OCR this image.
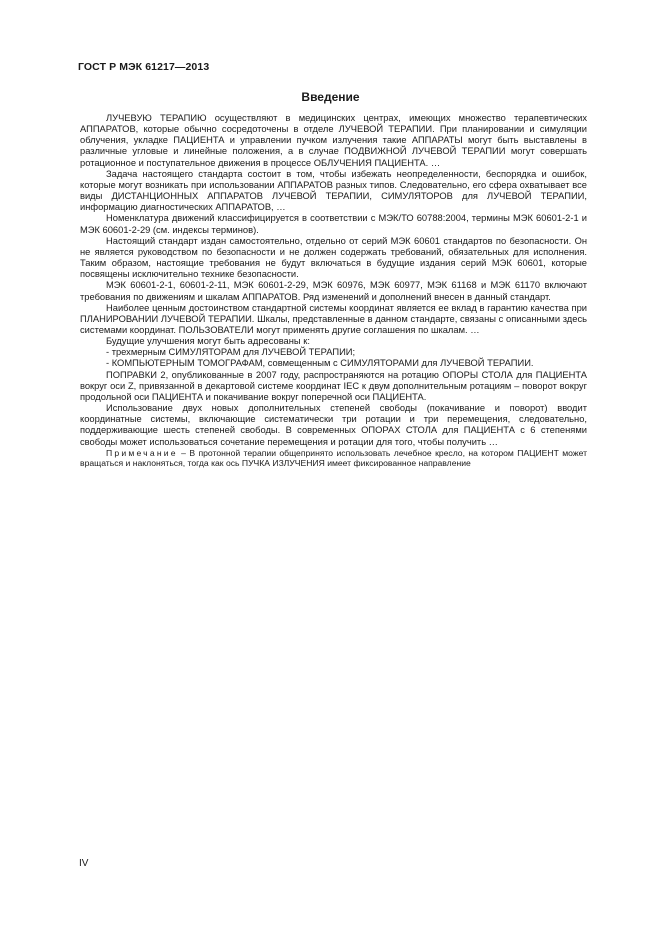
ГОСТ Р МЭК 61217—2013
Введение

ЛУЧЕВУЮ ТЕРАПИЮ осуществляют в медицинских центрах, имеющих множество терапевтических АППАРАТОВ, которые обычно сосредоточены в отделе ЛУЧЕВОЙ ТЕРАПИИ. При планировании и симуляции облучения, укладке ПАЦИЕНТА и управлении пучком излучения такие АППАРАТЫ могут быть выставлены в различные угловые и линейные положения, а в случае ПОДВИЖНОЙ ЛУЧЕВОЙ ТЕРАПИИ могут совершать ротационное и поступательное движения в процессе ОБЛУЧЕНИЯ ПАЦИЕНТА. …

Задача настоящего стандарта состоит в том, чтобы избежать неопределенности, беспорядка и ошибок, которые могут возникать при использовании АППАРАТОВ разных типов. Следовательно, его сфера охватывает все виды ДИСТАНЦИОННЫХ АППАРАТОВ ЛУЧЕВОЙ ТЕРАПИИ, СИМУЛЯТОРОВ для ЛУЧЕВОЙ ТЕРАПИИ, информацию диагностических АППАРАТОВ, …

Номенклатура движений классифицируется в соответствии с МЭК/ТО 60788:2004, термины МЭК 60601-2-1 и МЭК 60601-2-29 (см. индексы терминов).

Настоящий стандарт издан самостоятельно, отдельно от серий МЭК 60601 стандартов по безопасности. Он не является руководством по безопасности и не должен содержать требований, обязательных для исполнения. Таким образом, настоящие требования не будут включаться в будущие издания серий МЭК 60601, которые посвящены исключительно технике безопасности.

МЭК 60601-2-1, 60601-2-11, МЭК 60601-2-29, МЭК 60976, МЭК 60977, МЭК 61168 и МЭК 61170 включают требования по движениям и шкалам АППАРАТОВ. Ряд изменений и дополнений внесен в данный стандарт.

Наиболее ценным достоинством стандартной системы координат является ее вклад в гарантию качества при ПЛАНИРОВАНИИ ЛУЧЕВОЙ ТЕРАПИИ. Шкалы, представленные в данном стандарте, связаны с описанными здесь системами координат. ПОЛЬЗОВАТЕЛИ могут применять другие соглашения по шкалам. …

Будущие улучшения могут быть адресованы к:

- трехмерным СИМУЛЯТОРАМ для ЛУЧЕВОЙ ТЕРАПИИ;

- КОМПЬЮТЕРНЫМ ТОМОГРАФАМ, совмещенным с СИМУЛЯТОРАМИ для ЛУЧЕВОЙ ТЕРАПИИ.

ПОПРАВКИ 2, опубликованные в 2007 году, распространяются на ротацию ОПОРЫ СТОЛА для ПАЦИЕНТА вокруг оси Z, привязанной в декартовой системе координат IEC к двум дополнительным ротациям – поворот вокруг продольной оси ПАЦИЕНТА и покачивание вокруг поперечной оси ПАЦИЕНТА.

Использование двух новых дополнительных степеней свободы (покачивание и поворот) вводит координатные системы, включающие систематически три ротации и три перемещения, следовательно, поддерживающие шесть степеней свободы. В современных ОПОРАХ СТОЛА для ПАЦИЕНТА с 6 степенями свободы может использоваться сочетание перемещения и ротации для того, чтобы получить …

Примечание – В протонной терапии общепринято использовать лечебное кресло, на котором ПАЦИЕНТ может вращаться и наклоняться, тогда как ось ПУЧКА ИЗЛУЧЕНИЯ имеет фиксированное направление

IV
